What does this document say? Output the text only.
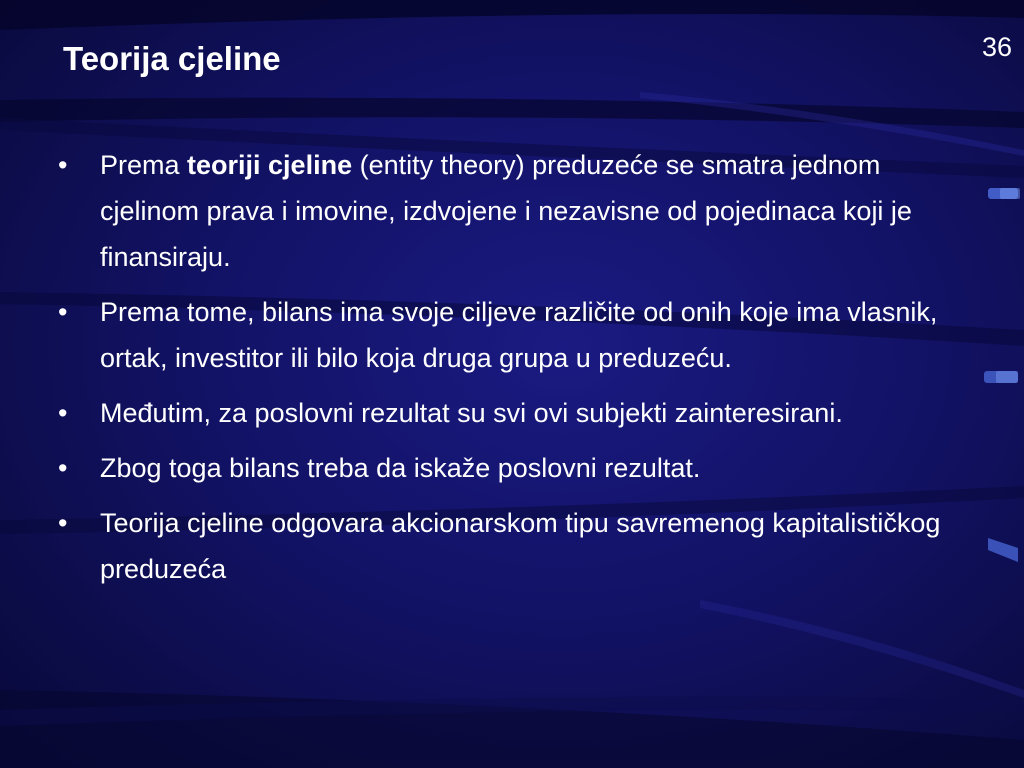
Teorija cjeline	36
•	Prema teoriji cjeline (entity theory) preduzeće se smatra jednom cjelinom prava i imovine, izdvojene i nezavisne od pojedinaca koji je finansiraju.
•	Prema tome, bilans ima svoje ciljeve različite od onih koje ima vlasnik, ortak, investitor ili bilo koja druga grupa u preduzeću.
•	Međutim, za poslovni rezultat su svi ovi subjekti zainteresirani.
•	Zbog toga bilans treba da iskaže poslovni rezultat.
•	Teorija cjeline odgovara akcionarskom tipu savremenog kapitalističkog preduzeća
